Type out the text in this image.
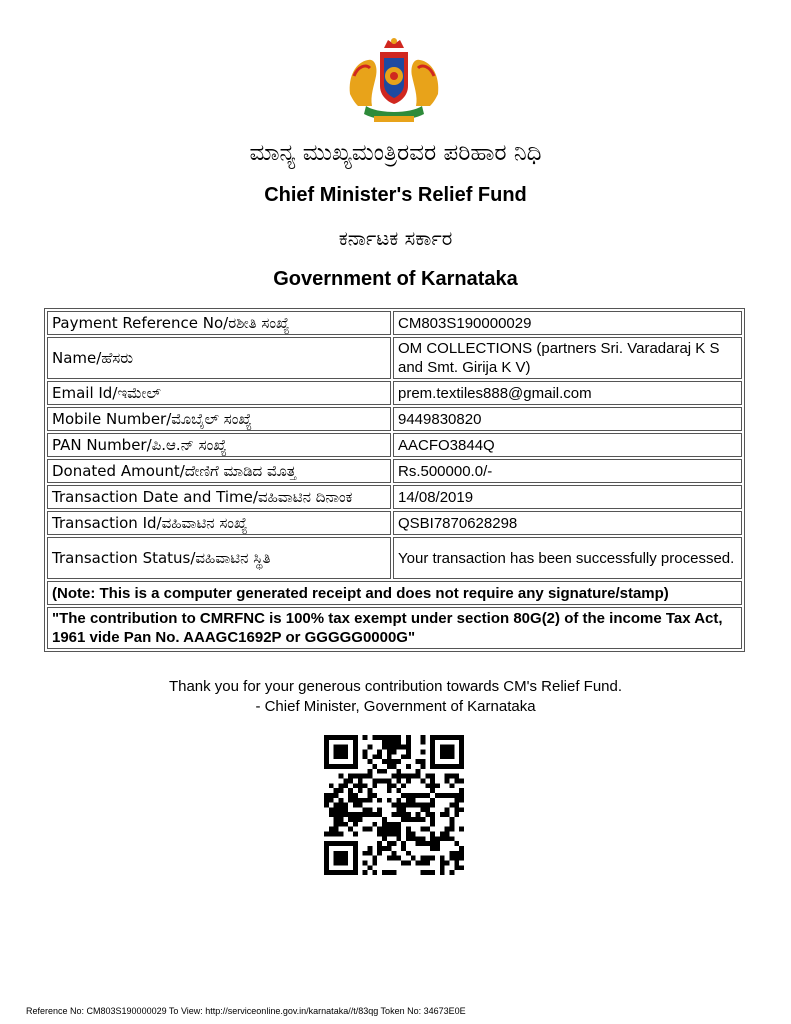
ಮಾನ್ಯ ಮುಖ್ಯಮಂತ್ರಿರವರ ಪರಿಹಾರ ನಿಧಿ
Chief Minister's Relief Fund
ಕರ್ನಾಟಕ ಸರ್ಕಾರ
Government of Karnataka
Payment Reference No/ರಶೀತಿ ಸಂಖ್ಯೆ	CM803S190000029
Name/ಹೆಸರು	OM COLLECTIONS (partners Sri. Varadaraj K S and Smt. Girija K V)
Email Id/ಇಮೇಲ್	prem.textiles888@gmail.com
Mobile Number/ಮೊಬೈಲ್ ಸಂಖ್ಯೆ	9449830820
PAN Number/ಪಿ.ಆ.ನ್ ಸಂಖ್ಯೆ	AACFO3844Q
Donated Amount/ದೇಣಿಗೆ ಮಾಡಿದ ಮೊತ್ತ	Rs.500000.0/-
Transaction Date and Time/ವಹಿವಾಟಿನ ದಿನಾಂಕ	14/08/2019
Transaction Id/ವಹಿವಾಟಿನ ಸಂಖ್ಯೆ	QSBI7870628298
Transaction Status/ವಹಿವಾಟಿನ ಸ್ಥಿತಿ	Your transaction has been successfully processed.
(Note: This is a computer generated receipt and does not require any signature/stamp)	
"The contribution to CMRFNC is 100% tax exempt under section 80G(2) of the income Tax Act, 1961 vide Pan No. AAAGC1692P or GGGGG0000G"	
Thank you for your generous contribution towards CM's Relief Fund.
- Chief Minister, Government of Karnataka
Reference No: CM803S190000029 To View: http://serviceonline.gov.in/karnataka//t/83qg Token No: 34673E0E
